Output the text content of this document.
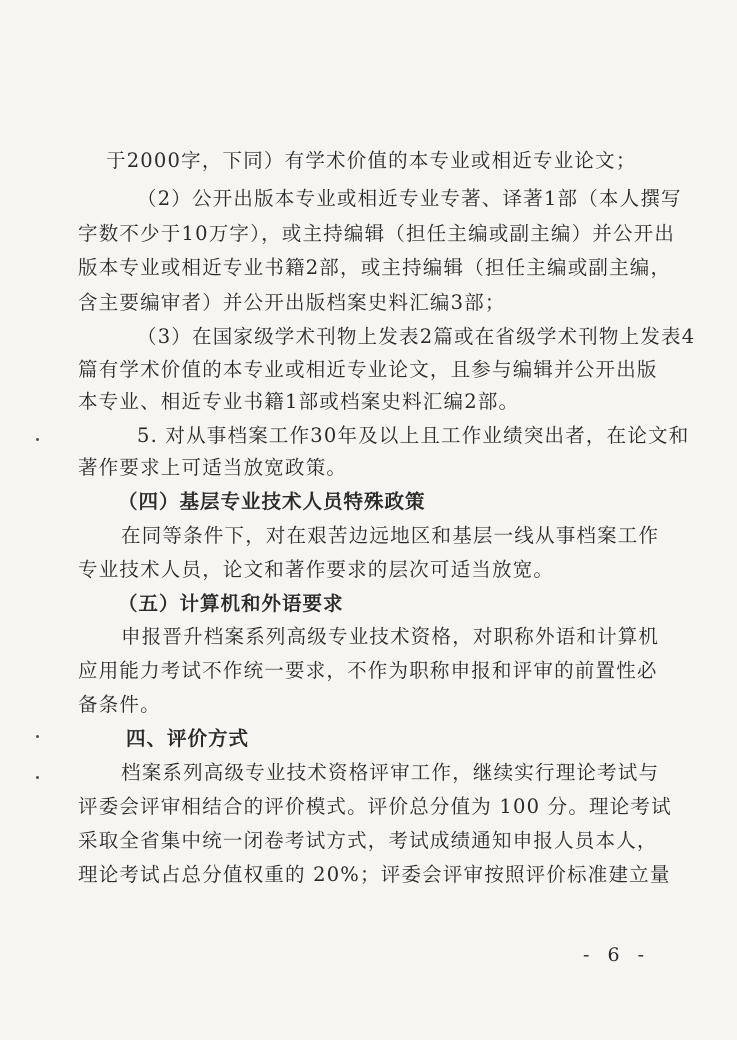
于2000字，下同）有学术价值的本专业或相近专业论文；
（2）公开出版本专业或相近专业专著、译著1部（本人撰写
字数不少于10万字），或主持编辑（担任主编或副主编）并公开出
版本专业或相近专业书籍2部，或主持编辑（担任主编或副主编，
含主要编审者）并公开出版档案史料汇编3部；
（3）在国家级学术刊物上发表2篇或在省级学术刊物上发表4
篇有学术价值的本专业或相近专业论文，且参与编辑并公开出版
本专业、相近专业书籍1部或档案史料汇编2部。
5. 对从事档案工作30年及以上且工作业绩突出者，在论文和
著作要求上可适当放宽政策。
（四）基层专业技术人员特殊政策
在同等条件下，对在艰苦边远地区和基层一线从事档案工作
专业技术人员，论文和著作要求的层次可适当放宽。
（五）计算机和外语要求
申报晋升档案系列高级专业技术资格，对职称外语和计算机
应用能力考试不作统一要求，不作为职称申报和评审的前置性必
备条件。
四、评价方式
档案系列高级专业技术资格评审工作，继续实行理论考试与
评委会评审相结合的评价模式。评价总分值为 100 分。理论考试
采取全省集中统一闭卷考试方式，考试成绩通知申报人员本人，
理论考试占总分值权重的 20%；评委会评审按照评价标准建立量
- 6 -
